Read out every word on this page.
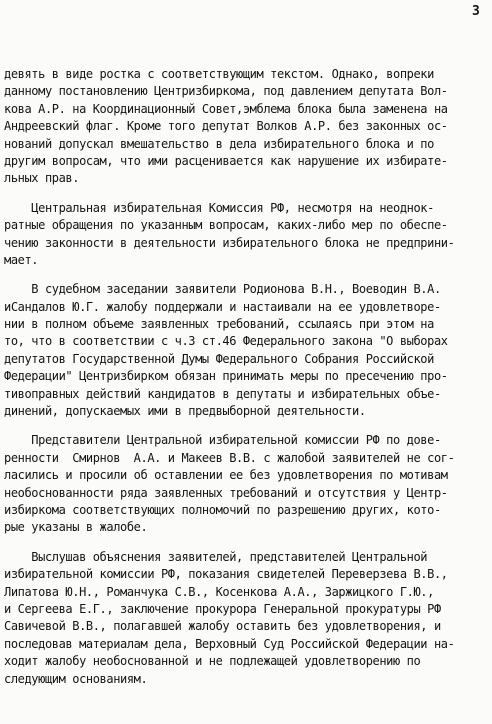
3
девять в виде ростка с соответствующим текстом. Однако, вопреки
данному постановлению Центризбиркома, под давлением депутата Вол-
кова А.Р. на Координационный Совет,эмблема блока была заменена на
Андреевский флаг. Кроме того депутат Волков А.Р. без законных ос-
нований допускал вмешательство в дела избирательного блока и по
другим вопросам, что ими расценивается как нарушение их избирате-
льных прав.
Центральная избирательная Комиссия РФ, несмотря на неоднок-
ратные обращения по указанным вопросам, каких-либо мер по обеспе-
чению законности в деятельности избирательного блока не предприни-
мает.
В судебном заседании заявители Родионова В.Н., Воеводин В.А.
иСандалов Ю.Г. жалобу поддержали и настаивали на ее удовлетворе-
нии в полном объеме заявленных требований, ссылаясь при этом на
то, что в соответствии с ч.3 ст.46 Федерального закона "О выборах
депутатов Государственной Думы Федерального Собрания Российской
Федерации" Центризбирком обязан принимать меры по пресечению про-
тивоправных действий кандидатов в депутаты и избирательных объе-
динений, допускаемых ими в предвыборной деятельности.
Представители Центральной избирательной комиссии РФ по дове-
ренности  Смирнов  А.А. и Макеев В.В. с жалобой заявителей не сог-
ласились и просили об оставлении ее без удовлетворения по мотивам
необоснованности ряда заявленных требований и отсутствия у Центр-
избиркома соответствующих полномочий по разрешению других, кото-
рые указаны в жалобе.
Выслушав объяснения заявителей, представителей Центральной
избирательной комиссии РФ, показания свидетелей Переверзева В.В.,
Липатова Ю.Н., Романчука С.В., Косенкова А.А., Заржицкого Г.Ю.,
и Сергеева Е.Г., заключение прокурора Генеральной прокуратуры РФ
Савичевой В.В., полагавшей жалобу оставить без удовлетворения, и
последовав материалам дела, Верховный Суд Российской Федерации на-
ходит жалобу необоснованной и не подлежащей удовлетворению по
следующим основаниям.
